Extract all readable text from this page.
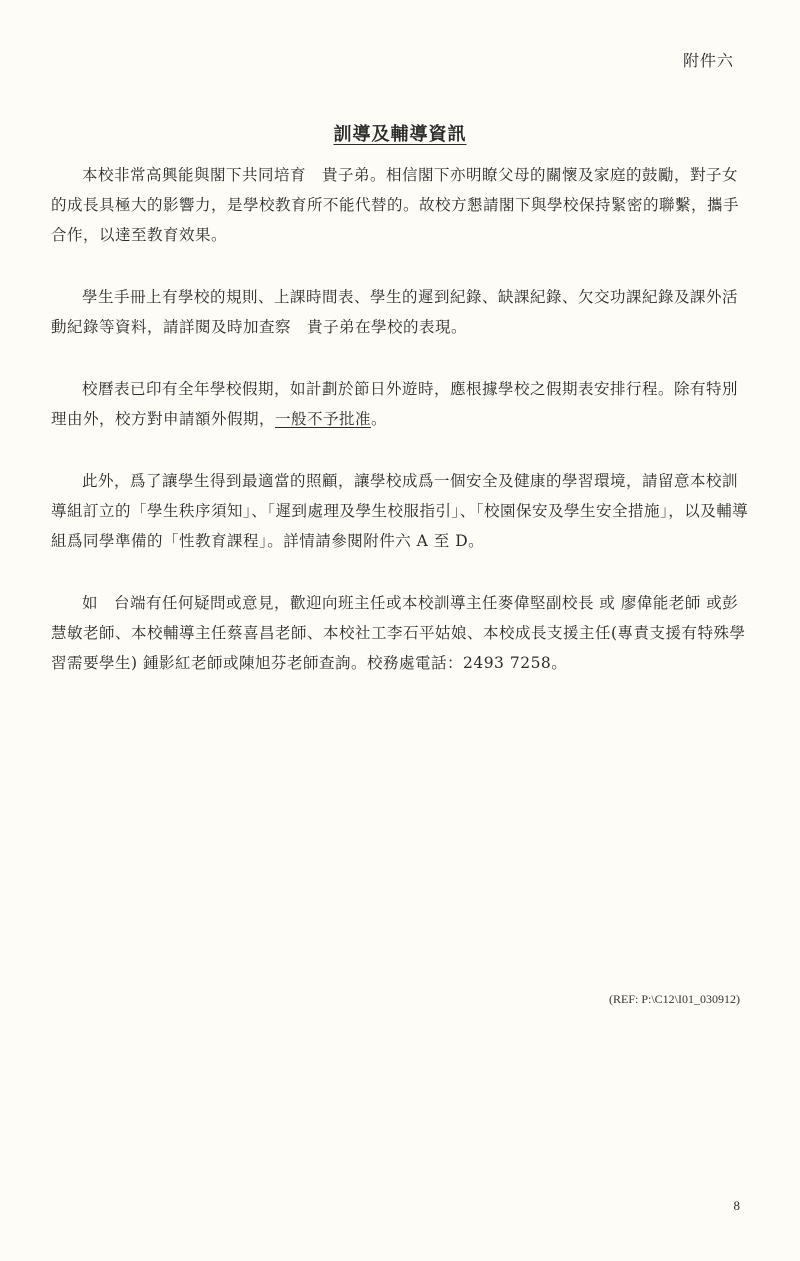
附件六
訓導及輔導資訊

本校非常高興能與閣下共同培育　貴子弟。相信閣下亦明瞭父母的關懷及家庭的鼓勵，對子女的成長具極大的影響力，是學校教育所不能代替的。故校方懇請閣下與學校保持緊密的聯繫，攜手合作，以達至教育效果。

學生手冊上有學校的規則、上課時間表、學生的遲到紀錄、缺課紀錄、欠交功課紀錄及課外活動紀錄等資料，請詳閱及時加查察　貴子弟在學校的表現。

校曆表已印有全年學校假期，如計劃於節日外遊時，應根據學校之假期表安排行程。除有特別理由外，校方對申請額外假期，一般不予批准。

此外，爲了讓學生得到最適當的照顧，讓學校成爲一個安全及健康的學習環境，請留意本校訓導組訂立的「學生秩序須知」、「遲到處理及學生校服指引」、「校園保安及學生安全措施」，以及輔導組爲同學準備的「性教育課程」。詳情請參閱附件六 A 至 D。

如　台端有任何疑問或意見，歡迎向班主任或本校訓導主任麥偉堅副校長 或 廖偉能老師 或彭慧敏老師、本校輔導主任蔡喜昌老師、本校社工李石平姑娘、本校成長支援主任(專責支援有特殊學習需要學生) 鍾影紅老師或陳旭芬老師查詢。校務處電話：2493 7258。

(REF: P:\C12\I01_030912)
8
